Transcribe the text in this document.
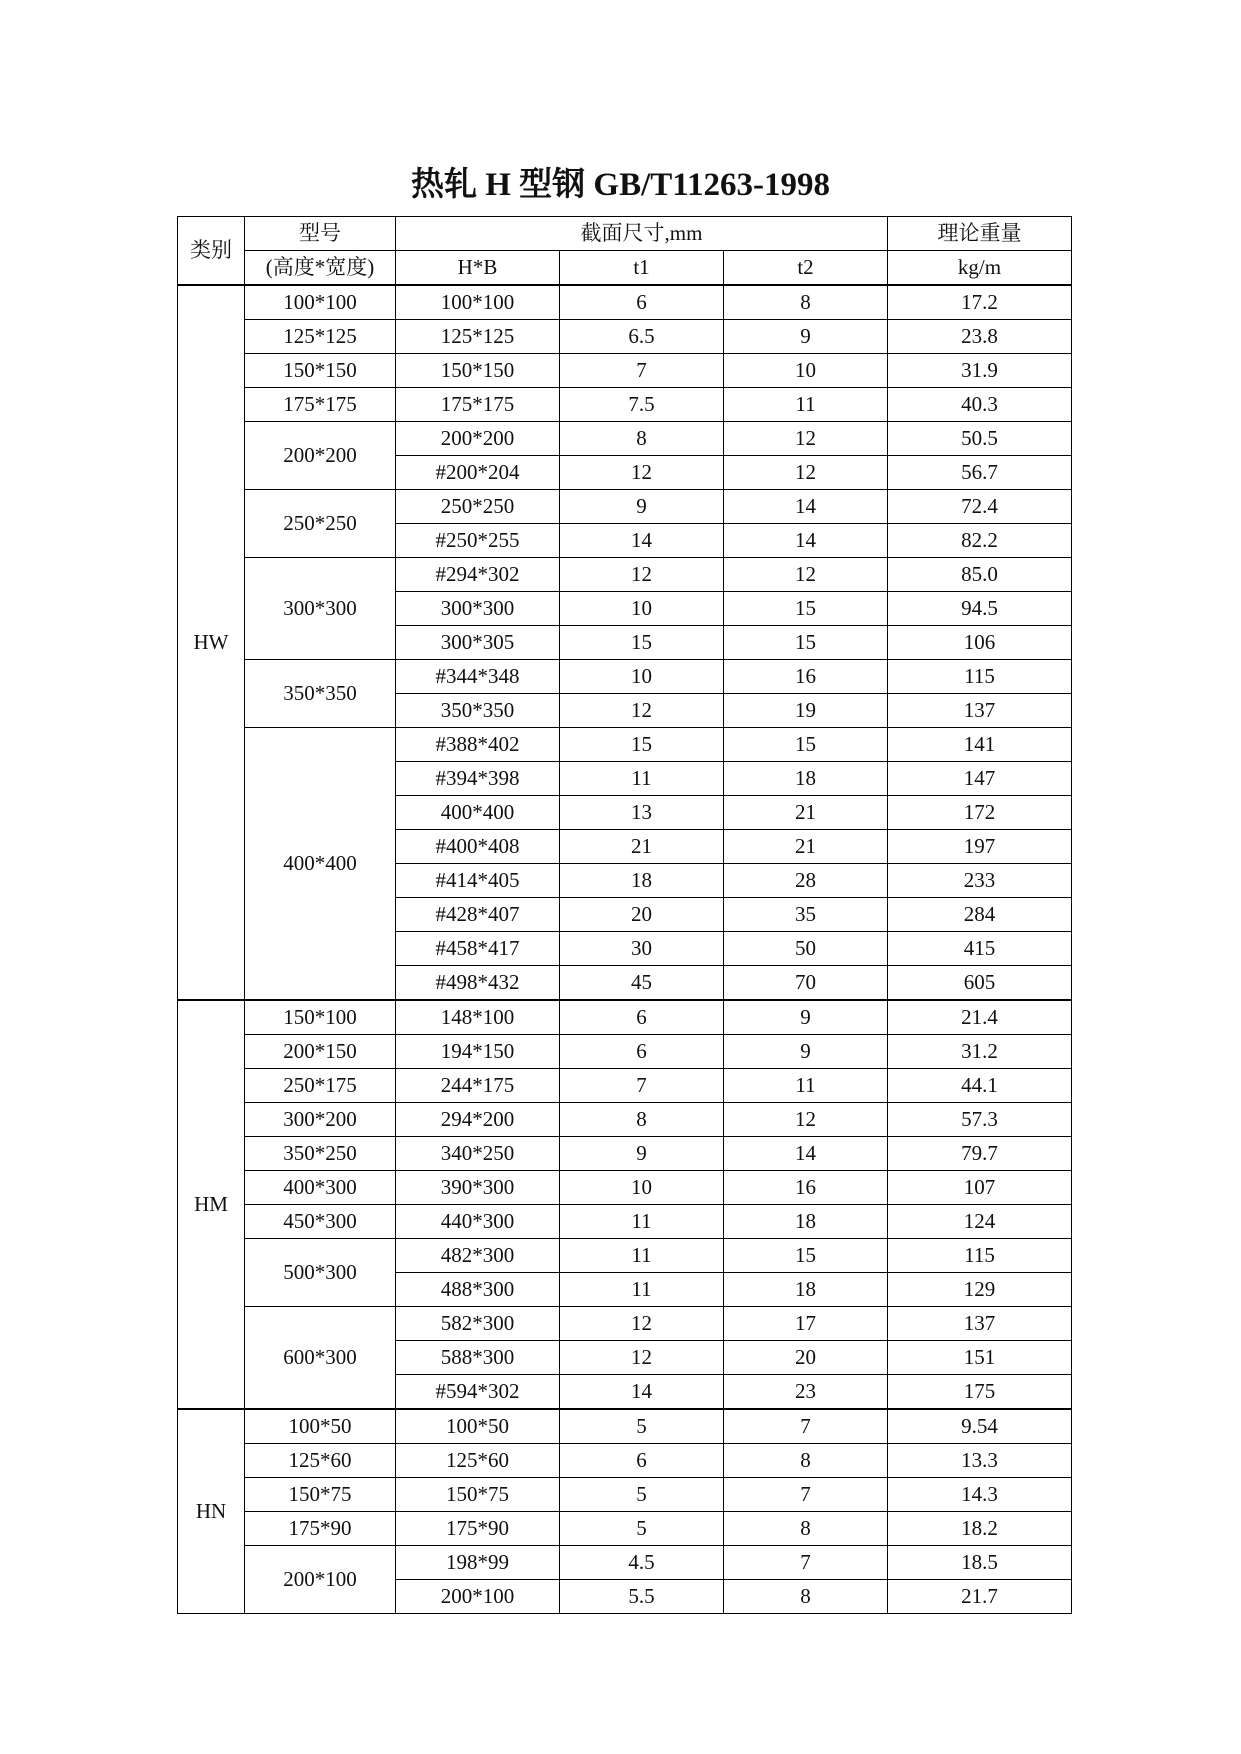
热轧 H 型钢 GB/T11263-1998
类别	型号	截面尺寸,mm			理论重量
	(高度*宽度)	H*B	t1	t2	kg/m
HW	100*100	100*100	6	8	17.2
	125*125	125*125	6.5	9	23.8
	150*150	150*150	7	10	31.9
	175*175	175*175	7.5	11	40.3
	200*200	200*200	8	12	50.5
		#200*204	12	12	56.7
	250*250	250*250	9	14	72.4
		#250*255	14	14	82.2
	300*300	#294*302	12	12	85.0
		300*300	10	15	94.5
		300*305	15	15	106
	350*350	#344*348	10	16	115
		350*350	12	19	137
	400*400	#388*402	15	15	141
		#394*398	11	18	147
		400*400	13	21	172
		#400*408	21	21	197
		#414*405	18	28	233
		#428*407	20	35	284
		#458*417	30	50	415
		#498*432	45	70	605
HM	150*100	148*100	6	9	21.4
	200*150	194*150	6	9	31.2
	250*175	244*175	7	11	44.1
	300*200	294*200	8	12	57.3
	350*250	340*250	9	14	79.7
	400*300	390*300	10	16	107
	450*300	440*300	11	18	124
	500*300	482*300	11	15	115
		488*300	11	18	129
	600*300	582*300	12	17	137
		588*300	12	20	151
		#594*302	14	23	175
HN	100*50	100*50	5	7	9.54
	125*60	125*60	6	8	13.3
	150*75	150*75	5	7	14.3
	175*90	175*90	5	8	18.2
	200*100	198*99	4.5	7	18.5
		200*100	5.5	8	21.7
